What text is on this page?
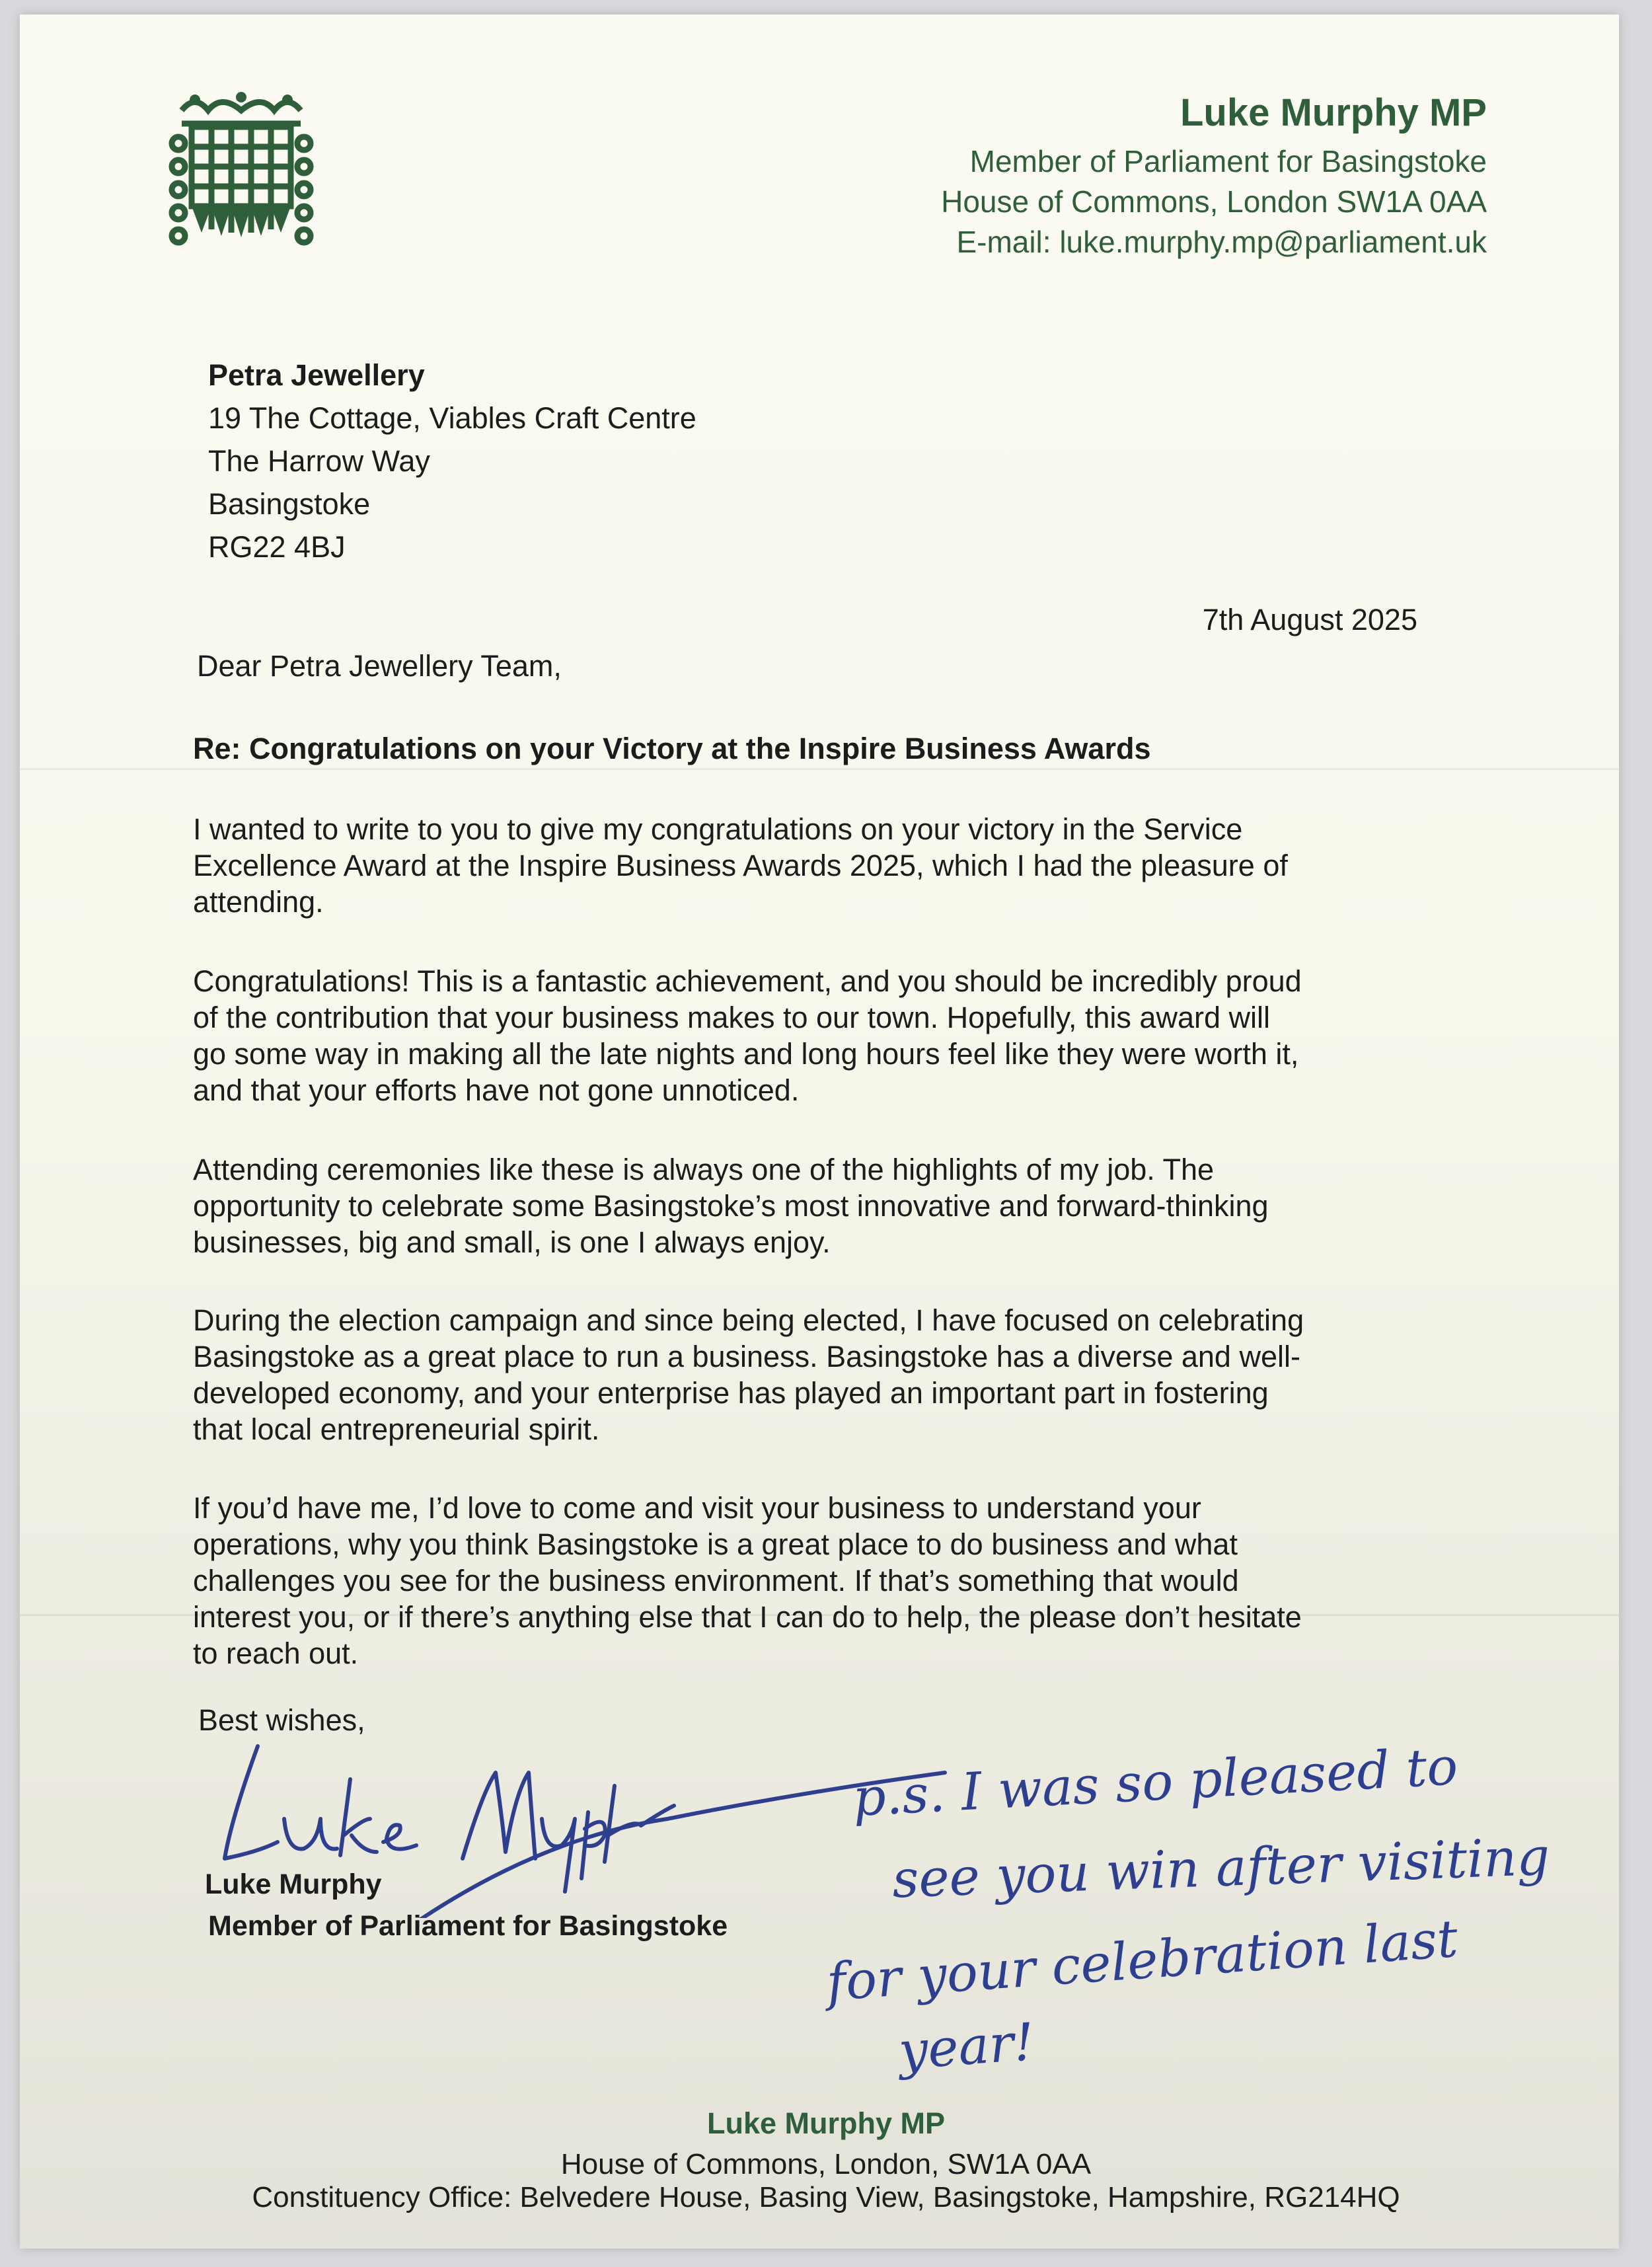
Luke Murphy MP
Member of Parliament for Basingstoke
House of Commons, London SW1A 0AA
E-mail: luke.murphy.mp@parliament.uk
Petra Jewellery
19 The Cottage, Viables Craft Centre
The Harrow Way
Basingstoke
RG22 4BJ
7th August 2025
Dear Petra Jewellery Team,
Re: Congratulations on your Victory at the Inspire Business Awards
I wanted to write to you to give my congratulations on your victory in the Service
Excellence Award at the Inspire Business Awards 2025, which I had the pleasure of
attending.
Congratulations! This is a fantastic achievement, and you should be incredibly proud
of the contribution that your business makes to our town. Hopefully, this award will
go some way in making all the late nights and long hours feel like they were worth it,
and that your efforts have not gone unnoticed.
Attending ceremonies like these is always one of the highlights of my job. The
opportunity to celebrate some Basingstoke’s most innovative and forward-thinking
businesses, big and small, is one I always enjoy.
During the election campaign and since being elected, I have focused on celebrating
Basingstoke as a great place to run a business. Basingstoke has a diverse and well-
developed economy, and your enterprise has played an important part in fostering
that local entrepreneurial spirit.
If you’d have me, I’d love to come and visit your business to understand your
operations, why you think Basingstoke is a great place to do business and what
challenges you see for the business environment. If that’s something that would
interest you, or if there’s anything else that I can do to help, the please don’t hesitate
to reach out.
Best wishes,
Luke Murphy
Member of Parliament for Basingstoke
p.s. I was so pleased to
see you win after visiting
for your celebration last
year!
Luke Murphy MP
House of Commons, London, SW1A 0AA
Constituency Office: Belvedere House, Basing View, Basingstoke, Hampshire, RG214HQ
